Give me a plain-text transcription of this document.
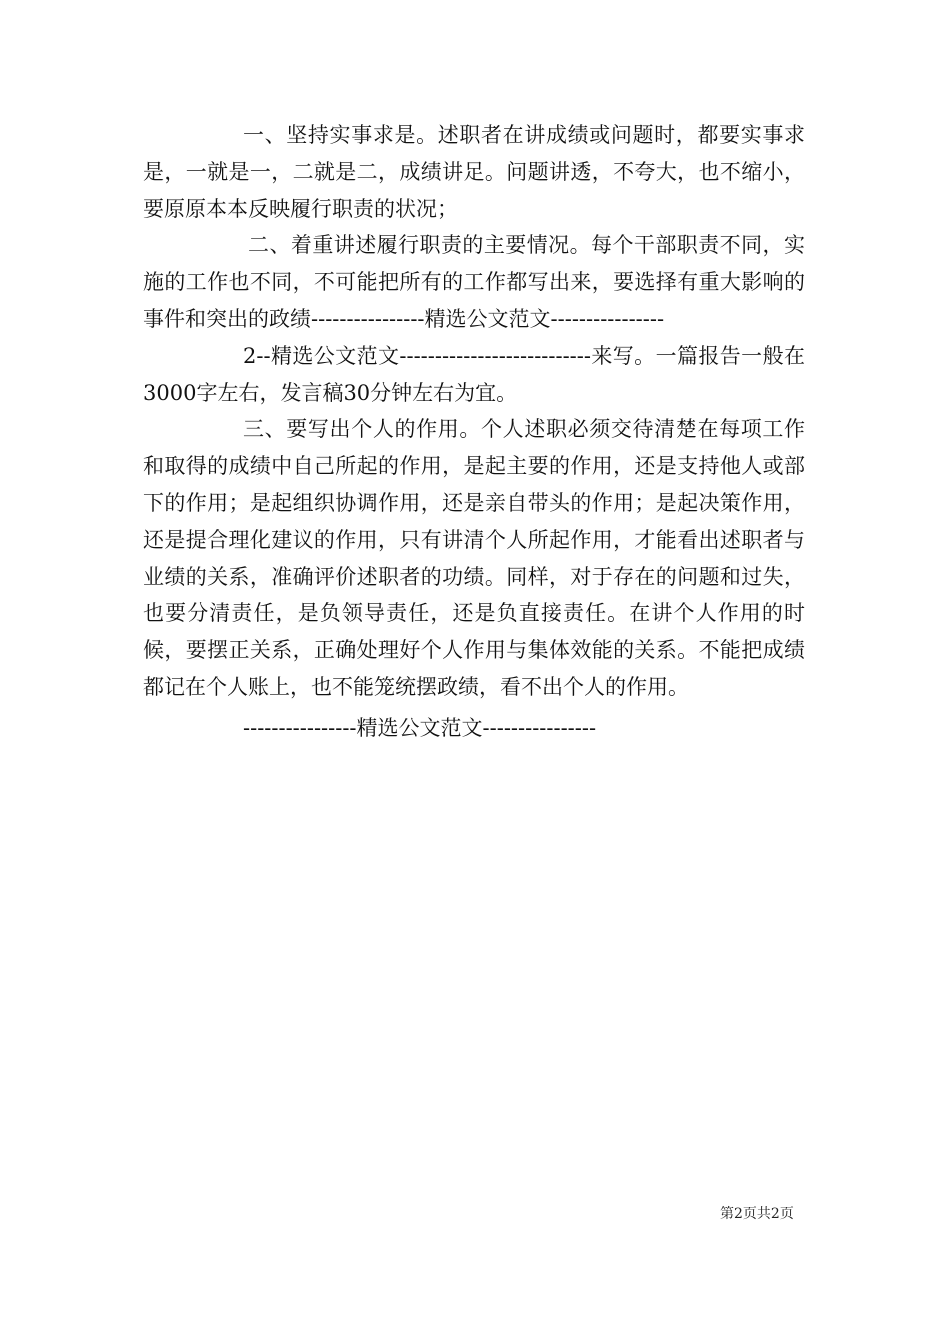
一、坚持实事求是。述职者在讲成绩或问题时，都要实事求是，一就是一，二就是二，成绩讲足。问题讲透，不夸大，也不缩小，要原原本本反映履行职责的状况；

二、着重讲述履行职责的主要情况。每个干部职责不同，实施的工作也不同，不可能把所有的工作都写出来，要选择有重大影响的事件和突出的政绩----------------精选公文范文----------------

2--精选公文范文---------------------------来写。一篇报告一般在3000字左右，发言稿30分钟左右为宜。

三、要写出个人的作用。个人述职必须交待清楚在每项工作和取得的成绩中自己所起的作用，是起主要的作用，还是支持他人或部下的作用；是起组织协调作用，还是亲自带头的作用；是起决策作用，还是提合理化建议的作用，只有讲清个人所起作用，才能看出述职者与业绩的关系，准确评价述职者的功绩。同样，对于存在的问题和过失，也要分清责任，是负领导责任，还是负直接责任。在讲个人作用的时候，要摆正关系，正确处理好个人作用与集体效能的关系。不能把成绩都记在个人账上，也不能笼统摆政绩，看不出个人的作用。

----------------精选公文范文----------------

第2页共2页
